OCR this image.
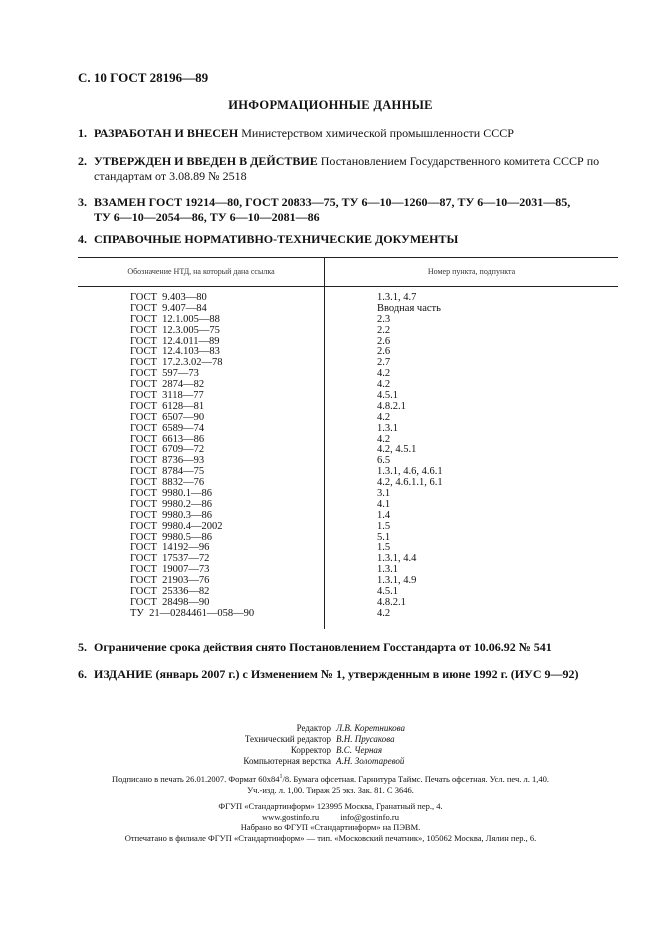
С. 10 ГОСТ 28196—89
ИНФОРМАЦИОННЫЕ ДАННЫЕ
1. РАЗРАБОТАН И ВНЕСЕН Министерством химической промышленности СССР
2. УТВЕРЖДЕН И ВВЕДЕН В ДЕЙСТВИЕ Постановлением Государственного комитета СССР по
стандартам от 3.08.89 № 2518
3. ВЗАМЕН ГОСТ 19214—80, ГОСТ 20833—75, ТУ 6—10—1260—87, ТУ 6—10—2031—85,
ТУ 6—10—2054—86, ТУ 6—10—2081—86
4. СПРАВОЧНЫЕ НОРМАТИВНО-ТЕХНИЧЕСКИЕ ДОКУМЕНТЫ
Обозначение НТД, на который дана ссылка	Номер пункта, подпункта
ГОСТ  9.403—80
ГОСТ  9.407—84
ГОСТ  12.1.005—88
ГОСТ  12.3.005—75
ГОСТ  12.4.011—89
ГОСТ  12.4.103—83
ГОСТ  17.2.3.02—78
ГОСТ  597—73
ГОСТ  2874—82
ГОСТ  3118—77
ГОСТ  6128—81
ГОСТ  6507—90
ГОСТ  6589—74
ГОСТ  6613—86
ГОСТ  6709—72
ГОСТ  8736—93
ГОСТ  8784—75
ГОСТ  8832—76
ГОСТ  9980.1—86
ГОСТ  9980.2—86
ГОСТ  9980.3—86
ГОСТ  9980.4—2002
ГОСТ  9980.5—86
ГОСТ  14192—96
ГОСТ  17537—72
ГОСТ  19007—73
ГОСТ  21903—76
ГОСТ  25336—82
ГОСТ  28498—90
ТУ  21—0284461—058—90
1.3.1, 4.7
Вводная часть
2.3
2.2
2.6
2.6
2.7
4.2
4.2
4.5.1
4.8.2.1
4.2
1.3.1
4.2
4.2, 4.5.1
6.5
1.3.1, 4.6, 4.6.1
4.2, 4.6.1.1, 6.1
3.1
4.1
1.4
1.5
5.1
1.5
1.3.1, 4.4
1.3.1
1.3.1, 4.9
4.5.1
4.8.2.1
4.2
5. Ограничение срока действия снято Постановлением Госстандарта от 10.06.92 № 541
6. ИЗДАНИЕ (январь 2007 г.) с Изменением № 1, утвержденным в июне 1992 г. (ИУС 9—92)
Редактор Л.В. Коретникова
Технический редактор В.Н. Прусакова
Корректор В.С. Черная
Компьютерная верстка А.Н. Золотаревой
Подписано в печать 26.01.2007. Формат $60х84^1/8$. Бумага офсетная. Гарнитура Таймс. Печать офсетная. Усл. печ. л. 1,40.
Уч.-изд. л. 1,00. Тираж 25 экз. Зак. 81. С 3646.
ФГУП «Стандартинформ» 123995 Москва, Гранатный пер., 4.
www.gostinfo.ru          info@gostinfo.ru
Набрано во ФГУП «Стандартинформ» на ПЭВМ.
Отпечатано в филиале ФГУП «Стандартинформ» — тип. «Московский печатник», 105062 Москва, Лялин пер., 6.
